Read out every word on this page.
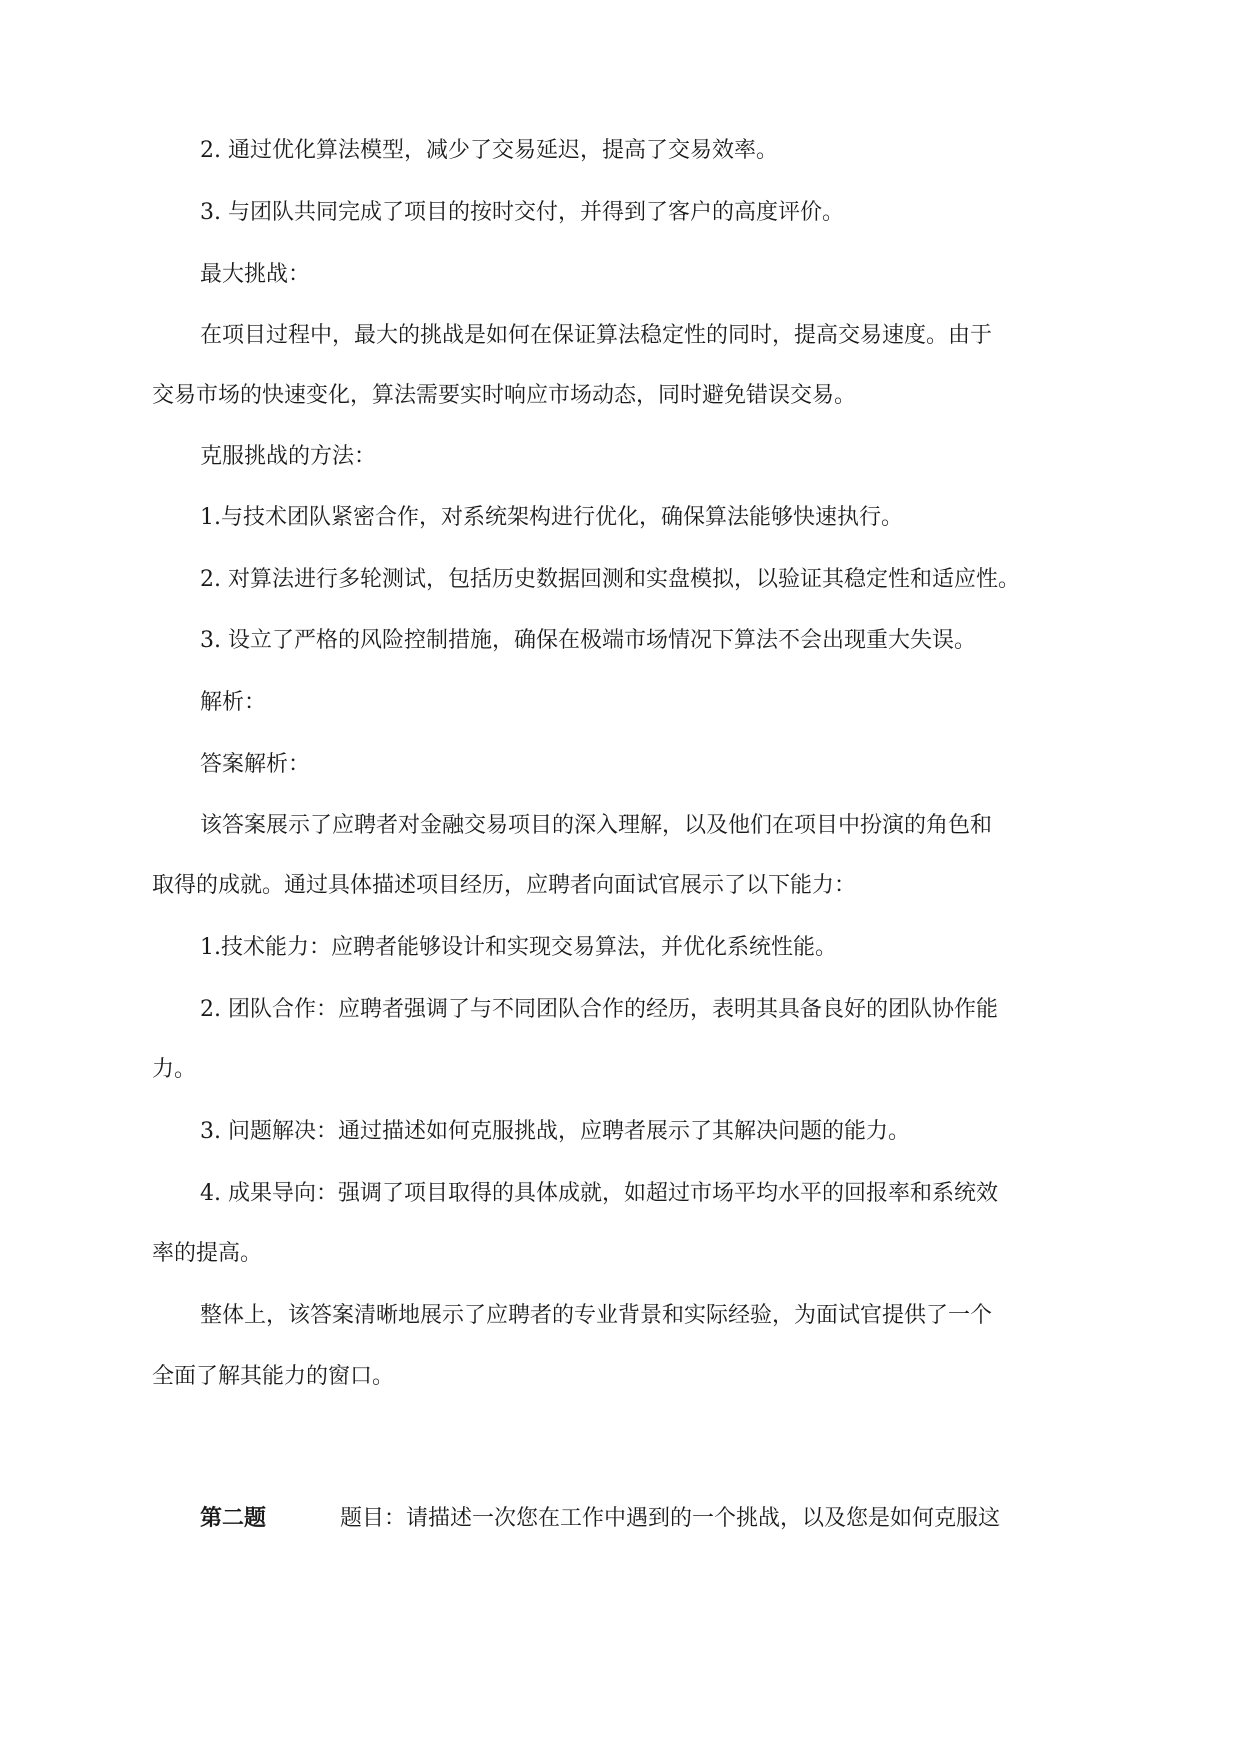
2. 通过优化算法模型，减少了交易延迟，提高了交易效率。
3. 与团队共同完成了项目的按时交付，并得到了客户的高度评价。
最大挑战：
在项目过程中，最大的挑战是如何在保证算法稳定性的同时，提高交易速度。由于
交易市场的快速变化，算法需要实时响应市场动态，同时避免错误交易。
克服挑战的方法：
1.与技术团队紧密合作，对系统架构进行优化，确保算法能够快速执行。
2. 对算法进行多轮测试，包括历史数据回测和实盘模拟，以验证其稳定性和适应性。
3. 设立了严格的风险控制措施，确保在极端市场情况下算法不会出现重大失误。
解析：
答案解析：
该答案展示了应聘者对金融交易项目的深入理解，以及他们在项目中扮演的角色和
取得的成就。通过具体描述项目经历，应聘者向面试官展示了以下能力：
1.技术能力：应聘者能够设计和实现交易算法，并优化系统性能。
2. 团队合作：应聘者强调了与不同团队合作的经历，表明其具备良好的团队协作能
力。
3. 问题解决：通过描述如何克服挑战，应聘者展示了其解决问题的能力。
4. 成果导向：强调了项目取得的具体成就，如超过市场平均水平的回报率和系统效
率的提高。
整体上，该答案清晰地展示了应聘者的专业背景和实际经验，为面试官提供了一个
全面了解其能力的窗口。
第二题	题目：请描述一次您在工作中遇到的一个挑战，以及您是如何克服这
